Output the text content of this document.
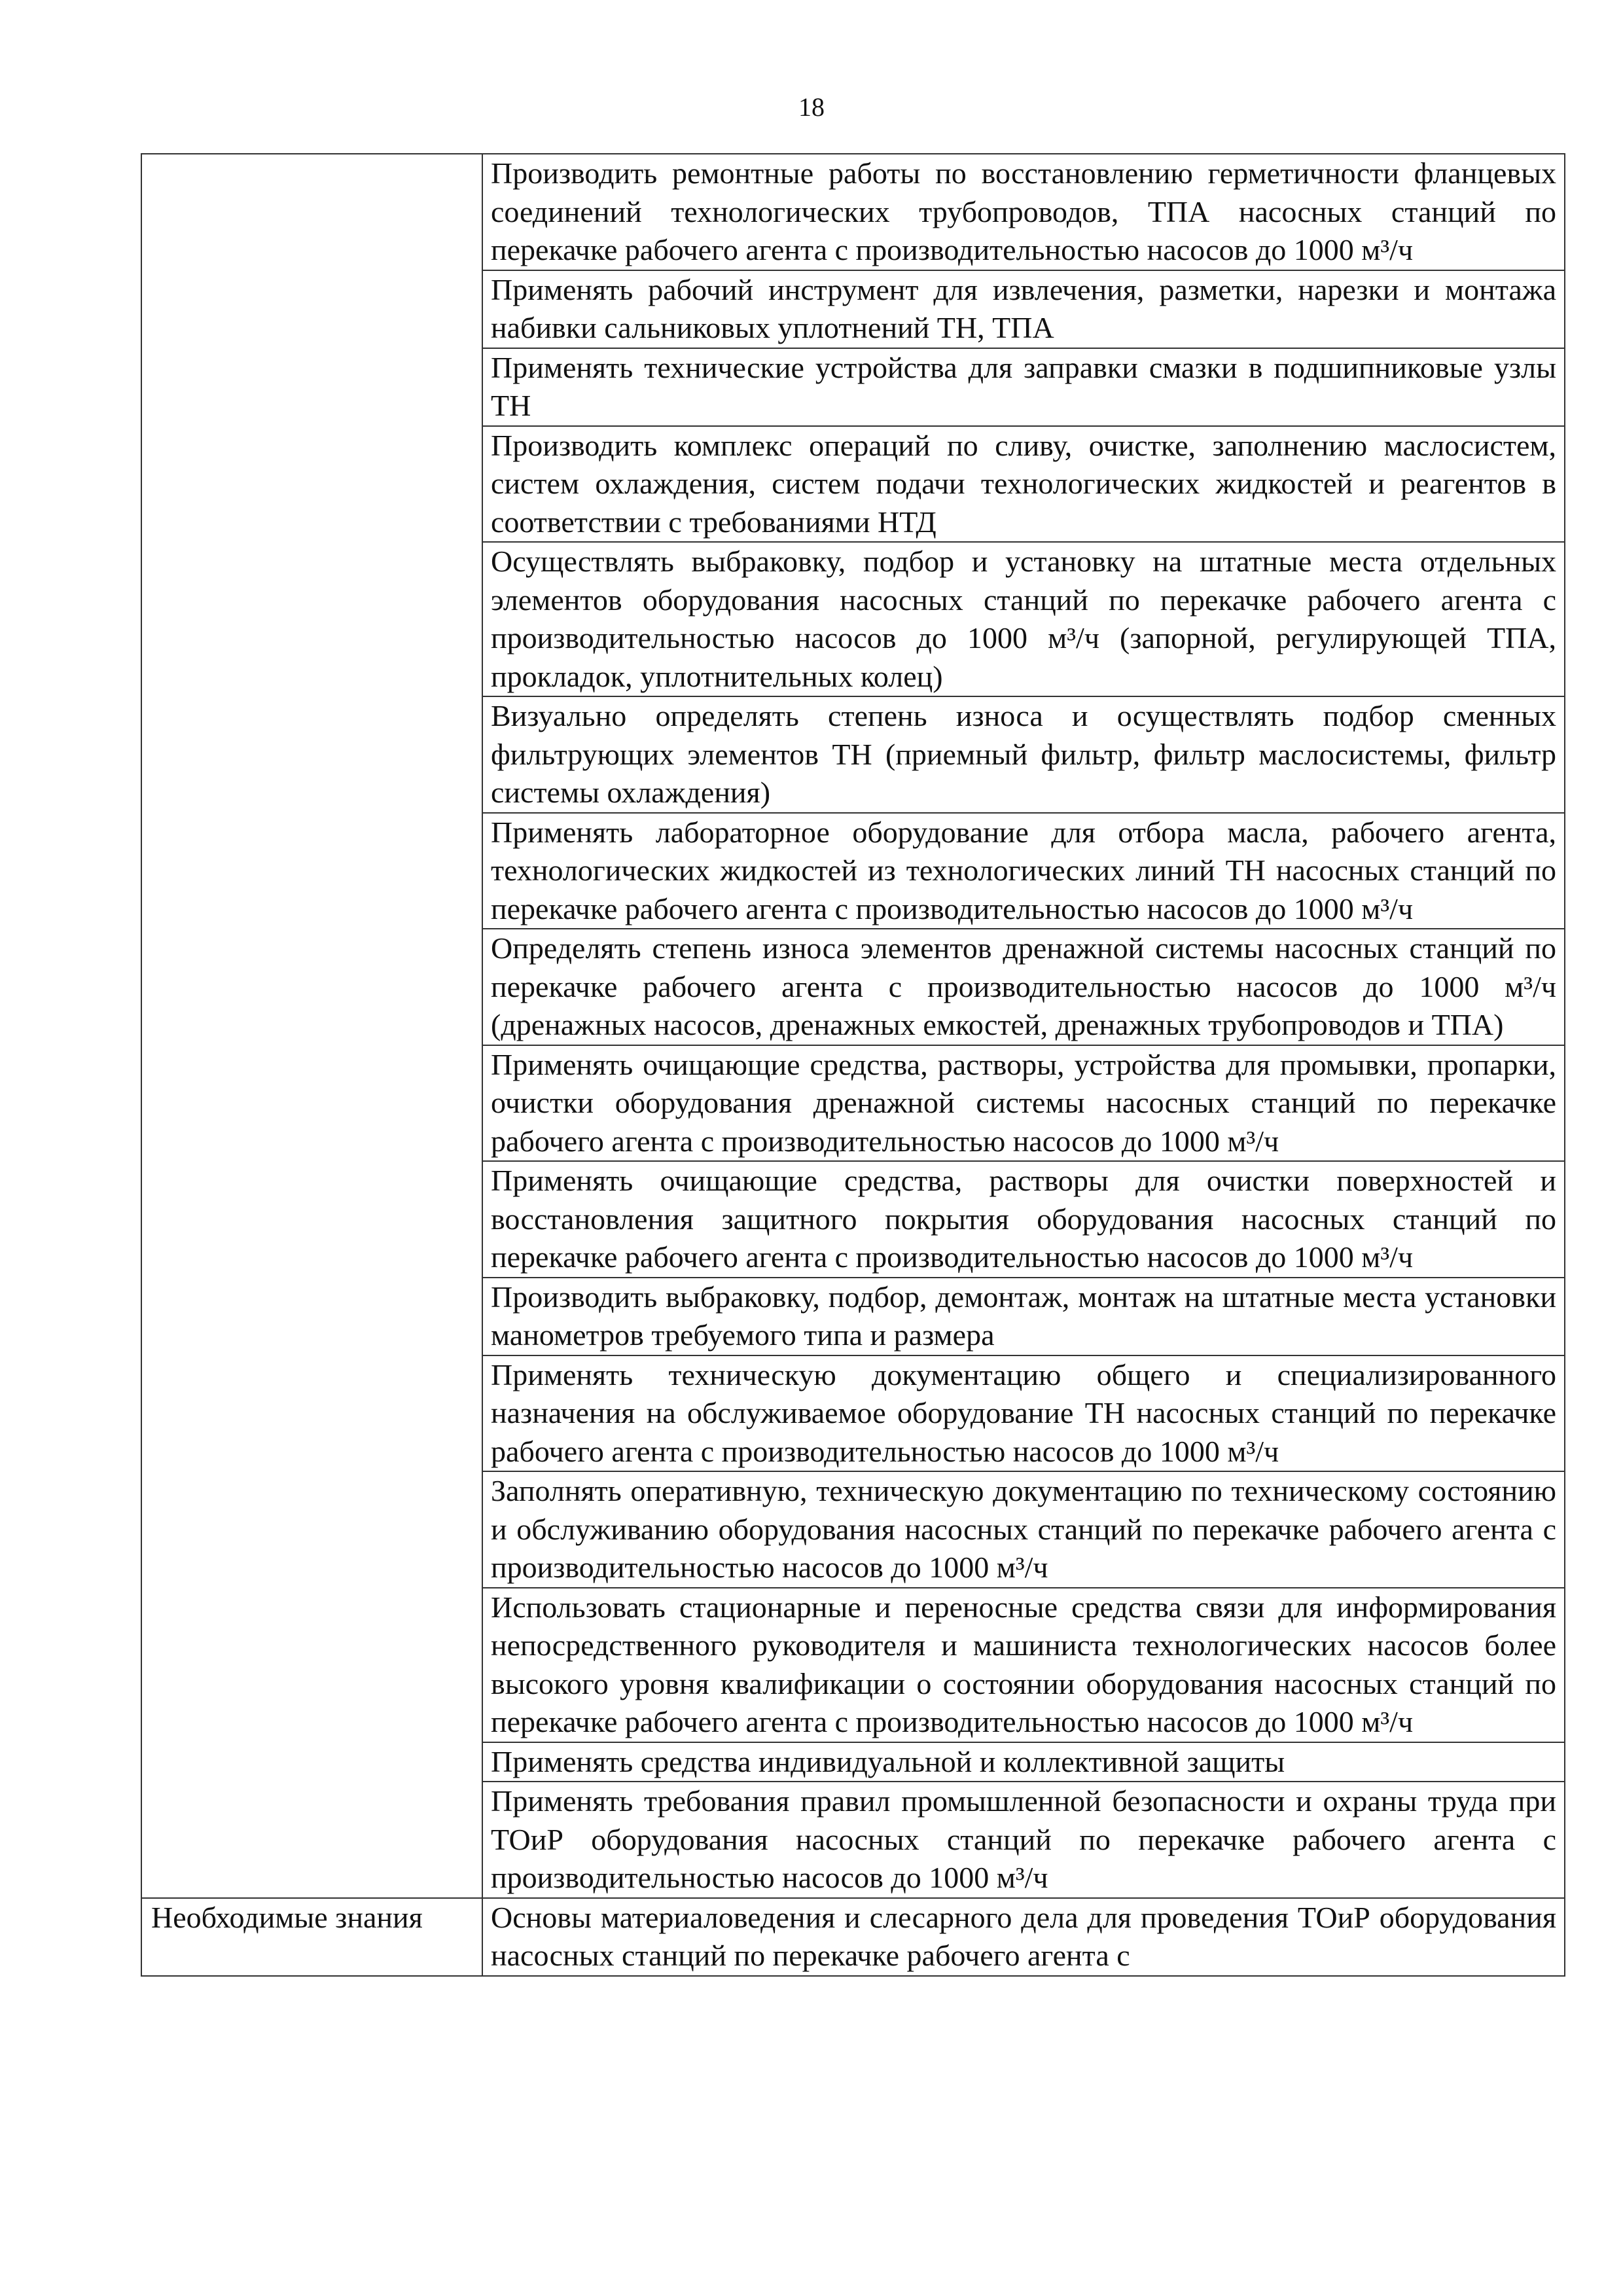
18
	Производить ремонтные работы по восстановлению герметичности фланцевых соединений технологических трубопроводов, ТПА насосных станций по перекачке рабочего агента с производительностью насосов до 1000 м³/ч
	Применять рабочий инструмент для извлечения, разметки, нарезки и монтажа набивки сальниковых уплотнений ТН, ТПА
	Применять технические устройства для заправки смазки в подшипниковые узлы ТН
	Производить комплекс операций по сливу, очистке, заполнению маслосистем, систем охлаждения, систем подачи технологических жидкостей и реагентов в соответствии с требованиями НТД
	Осуществлять выбраковку, подбор и установку на штатные места отдельных элементов оборудования насосных станций по перекачке рабочего агента с производительностью насосов до 1000 м³/ч (запорной, регулирующей ТПА, прокладок, уплотнительных колец)
	Визуально определять степень износа и осуществлять подбор сменных фильтрующих элементов ТН (приемный фильтр, фильтр маслосистемы, фильтр системы охлаждения)
	Применять лабораторное оборудование для отбора масла, рабочего агента, технологических жидкостей из технологических линий ТН насосных станций по перекачке рабочего агента с производительностью насосов до 1000 м³/ч
	Определять степень износа элементов дренажной системы насосных станций по перекачке рабочего агента с производительностью насосов до 1000 м³/ч (дренажных насосов, дренажных емкостей, дренажных трубопроводов и ТПА)
	Применять очищающие средства, растворы, устройства для промывки, пропарки, очистки оборудования дренажной системы насосных станций по перекачке рабочего агента с производительностью насосов до 1000 м³/ч
	Применять очищающие средства, растворы для очистки поверхностей и восстановления защитного покрытия оборудования насосных станций по перекачке рабочего агента с производительностью насосов до 1000 м³/ч
	Производить выбраковку, подбор, демонтаж, монтаж на штатные места установки манометров требуемого типа и размера
	Применять техническую документацию общего и специализированного назначения на обслуживаемое оборудование ТН насосных станций по перекачке рабочего агента с производительностью насосов до 1000 м³/ч
	Заполнять оперативную, техническую документацию по техническому состоянию и обслуживанию оборудования насосных станций по перекачке рабочего агента с производительностью насосов до 1000 м³/ч
	Использовать стационарные и переносные средства связи для информирования непосредственного руководителя и машиниста технологических насосов более высокого уровня квалификации о состоянии оборудования насосных станций по перекачке рабочего агента с производительностью насосов до 1000 м³/ч
	Применять средства индивидуальной и коллективной защиты
	Применять требования правил промышленной безопасности и охраны труда при ТОиР оборудования насосных станций по перекачке рабочего агента с производительностью насосов до 1000 м³/ч
Необходимые знания	Основы материаловедения и слесарного дела для проведения ТОиР оборудования насосных станций по перекачке рабочего агента с
